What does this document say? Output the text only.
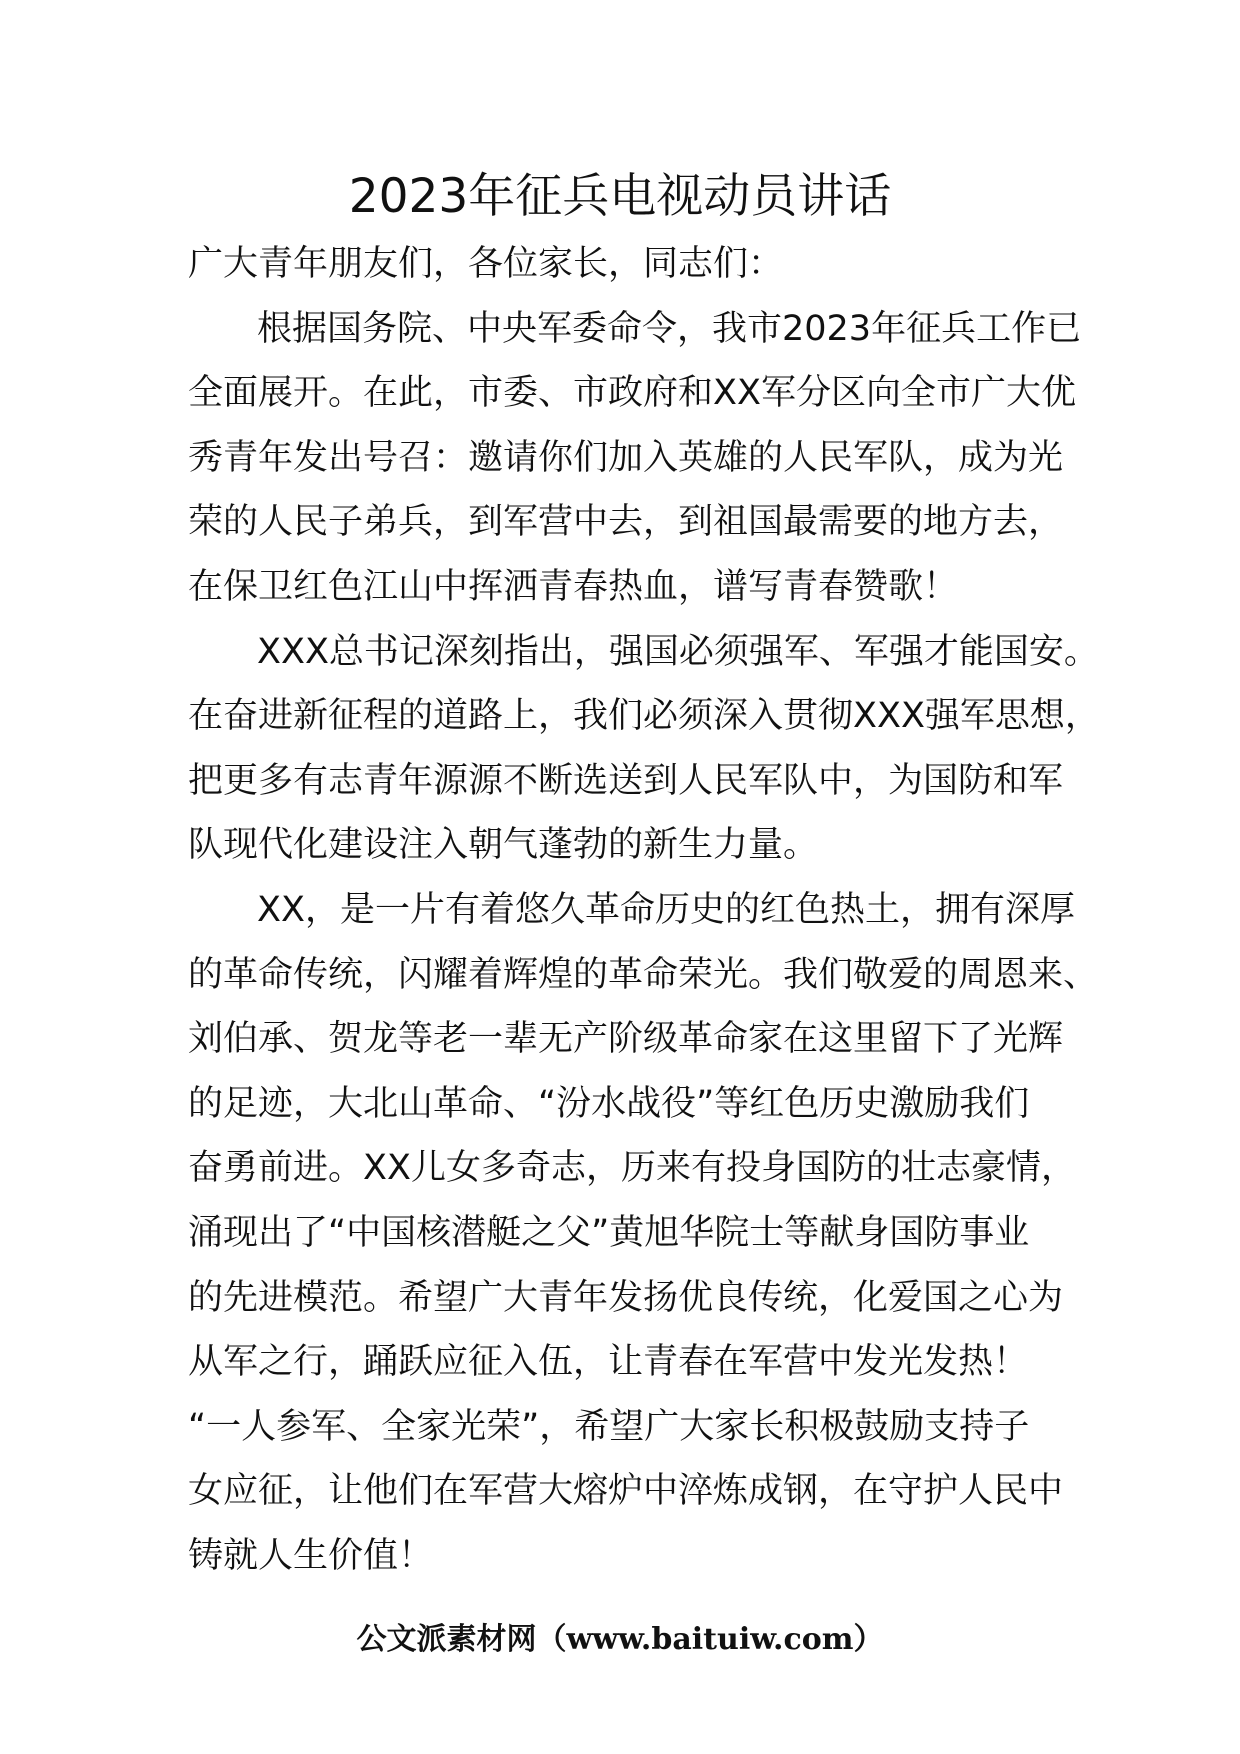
2023年征兵电视动员讲话
广大青年朋友们，各位家长，同志们：
根据国务院、中央军委命令，我市2023年征兵工作已
全面展开。在此，市委、市政府和XX军分区向全市广大优
秀青年发出号召：邀请你们加入英雄的人民军队，成为光
荣的人民子弟兵，到军营中去，到祖国最需要的地方去，
在保卫红色江山中挥洒青春热血，谱写青春赞歌！
XXX总书记深刻指出，强国必须强军、军强才能国安。
在奋进新征程的道路上，我们必须深入贯彻XXX强军思想，
把更多有志青年源源不断选送到人民军队中，为国防和军
队现代化建设注入朝气蓬勃的新生力量。
XX，是一片有着悠久革命历史的红色热土，拥有深厚
的革命传统，闪耀着辉煌的革命荣光。我们敬爱的周恩来、
刘伯承、贺龙等老一辈无产阶级革命家在这里留下了光辉
的足迹，大北山革命、“汾水战役”等红色历史激励我们
奋勇前进。XX儿女多奇志，历来有投身国防的壮志豪情，
涌现出了“中国核潜艇之父”黄旭华院士等献身国防事业
的先进模范。希望广大青年发扬优良传统，化爱国之心为
从军之行，踊跃应征入伍，让青春在军营中发光发热！
“一人参军、全家光荣”，希望广大家长积极鼓励支持子
女应征，让他们在军营大熔炉中淬炼成钢，在守护人民中
铸就人生价值！
公文派素材网（www.baituiw.com）
